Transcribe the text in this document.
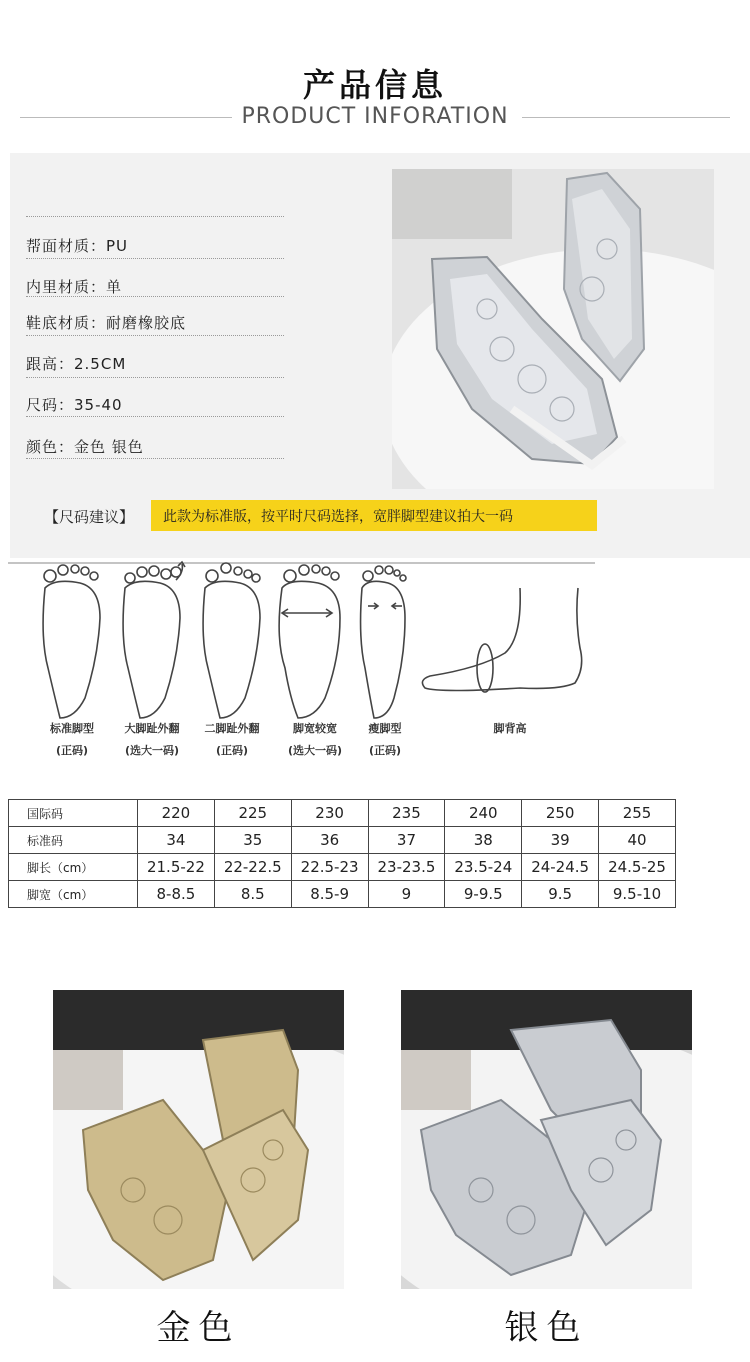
产品信息
PRODUCT INFORATION
帮面材质：PU
内里材质：单
鞋底材质：耐磨橡胶底
跟高：2.5CM
尺码：35-40
颜色：金色 银色
【尺码建议】 此款为标准版，按平时尺码选择，宽胖脚型建议拍大一码
标准脚型
(正码)
大脚趾外翻
(选大一码)
二脚趾外翻
(正码)
脚宽较宽
(选大一码)
瘦脚型
(正码)
脚背高
国际码	220	225	230	235	240	250	255
标准码	34	35	36	37	38	39	40
脚长（cm）	21.5-22	22-22.5	22.5-23	23-23.5	23.5-24	24-24.5	24.5-25
脚宽（cm）	8-8.5	8.5	8.5-9	9	9-9.5	9.5	9.5-10
金色	银色
